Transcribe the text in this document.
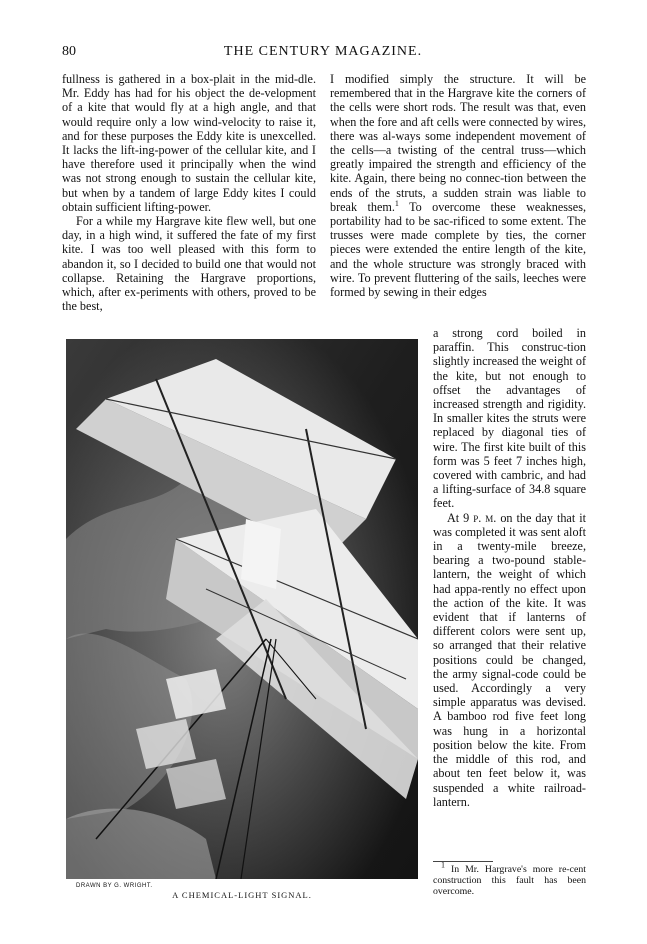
80	THE CENTURY MAGAZINE.

fullness is gathered in a box-plait in the mid-dle. Mr. Eddy has had for his object the de-velopment of a kite that would fly at a high angle, and that would require only a low wind-velocity to raise it, and for these purposes the Eddy kite is unexcelled. It lacks the lift-ing-power of the cellular kite, and I have therefore used it principally when the wind was not strong enough to sustain the cellular kite, but when by a tandem of large Eddy kites I could obtain sufficient lifting-power.

For a while my Hargrave kite flew well, but one day, in a high wind, it suffered the fate of my first kite. I was too well pleased with this form to abandon it, so I decided to build one that would not collapse. Retaining the Hargrave proportions, which, after ex-periments with others, proved to be the best,

I modified simply the structure. It will be remembered that in the Hargrave kite the corners of the cells were short rods. The result was that, even when the fore and aft cells were connected by wires, there was al-ways some independent movement of the cells—a twisting of the central truss—which greatly impaired the strength and efficiency of the kite. Again, there being no connec-tion between the ends of the struts, a sudden strain was liable to break them.$^1$ To overcome these weaknesses, portability had to be sac-rificed to some extent. The trusses were made complete by ties, the corner pieces were extended the entire length of the kite, and the whole structure was strongly braced with wire. To prevent fluttering of the sails, leeches were formed by sewing in their edges

a strong cord boiled in paraffin. This construc-tion slightly increased the weight of the kite, but not enough to offset the advantages of increased strength and rigidity. In smaller kites the struts were replaced by diagonal ties of wire. The first kite built of this form was 5 feet 7 inches high, covered with cambric, and had a lifting-surface of 34.8 square feet.

At 9 p. m. on the day that it was completed it was sent aloft in a twenty-mile breeze, bearing a two-pound stable-lantern, the weight of which had appa-rently no effect upon the action of the kite. It was evident that if lanterns of different colors were sent up, so arranged that their relative positions could be changed, the army signal-code could be used. Accordingly a very simple apparatus was devised. A bamboo rod five feet long was hung in a horizontal position below the kite. From the middle of this rod, and about ten feet below it, was suspended a white railroad-lantern.

$^1$ In Mr. Hargrave's more re-cent construction this fault has been overcome.

DRAWN BY G. WRIGHT.
A CHEMICAL-LIGHT SIGNAL.
